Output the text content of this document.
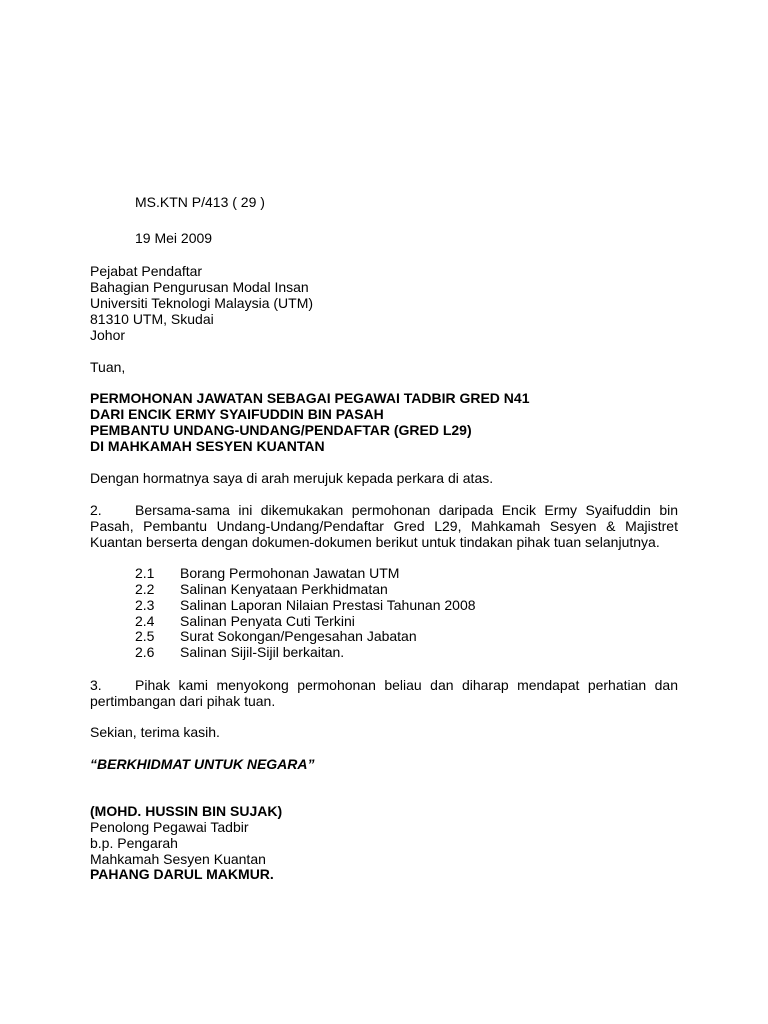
MS.KTN P/413 ( 29 )
19 Mei 2009
Pejabat Pendaftar
Bahagian Pengurusan Modal Insan
Universiti Teknologi Malaysia (UTM)
81310 UTM, Skudai
Johor
Tuan,
PERMOHONAN JAWATAN SEBAGAI PEGAWAI TADBIR GRED N41
DARI ENCIK ERMY SYAIFUDDIN BIN PASAH
PEMBANTU UNDANG-UNDANG/PENDAFTAR (GRED L29)
DI MAHKAMAH SESYEN KUANTAN
Dengan hormatnya saya di arah merujuk kepada perkara di atas.
2. Bersama-sama ini dikemukakan permohonan daripada Encik Ermy Syaifuddin bin
Pasah, Pembantu Undang-Undang/Pendaftar Gred L29, Mahkamah Sesyen & Majistret
Kuantan berserta dengan dokumen-dokumen berikut untuk tindakan pihak tuan selanjutnya.
2.1 Borang Permohonan Jawatan UTM
2.2 Salinan Kenyataan Perkhidmatan
2.3 Salinan Laporan Nilaian Prestasi Tahunan 2008
2.4 Salinan Penyata Cuti Terkini
2.5 Surat Sokongan/Pengesahan Jabatan
2.6 Salinan Sijil-Sijil berkaitan.
3. Pihak kami menyokong permohonan beliau dan diharap mendapat perhatian dan
pertimbangan dari pihak tuan.
Sekian, terima kasih.
“BERKHIDMAT UNTUK NEGARA”
(MOHD. HUSSIN BIN SUJAK)
Penolong Pegawai Tadbir
b.p. Pengarah
Mahkamah Sesyen Kuantan
PAHANG DARUL MAKMUR.
